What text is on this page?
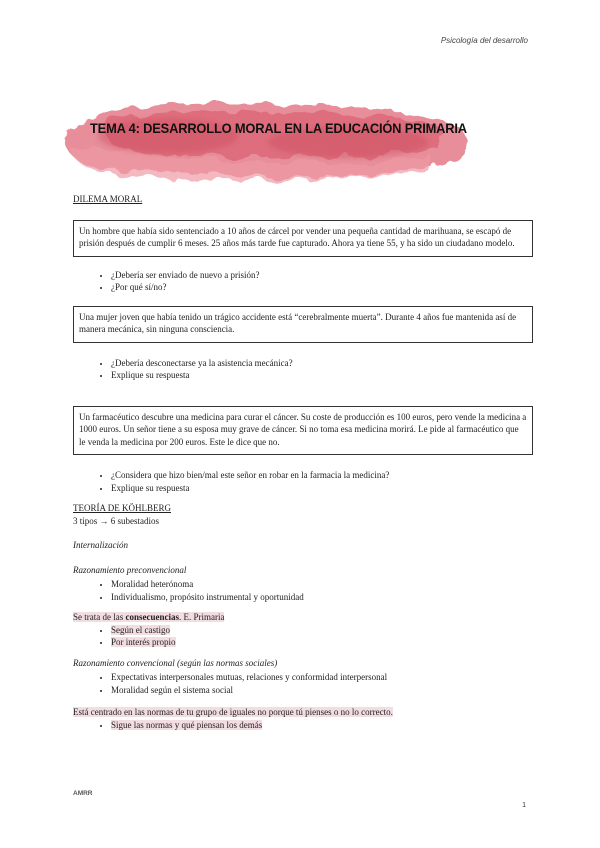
Psicología del desarrollo
TEMA 4: DESARROLLO MORAL EN LA EDUCACIÓN PRIMARIA

DILEMA MORAL

Un hombre que había sido sentenciado a 10 años de cárcel por vender una pequeña cantidad de marihuana, se escapó de prisión después de cumplir 6 meses. 25 años más tarde fue capturado. Ahora ya tiene 55, y ha sido un ciudadano modelo.
• ¿Debería ser enviado de nuevo a prisión?
• ¿Por qué sí/no?
Una mujer joven que había tenido un trágico accidente está “cerebralmente muerta”. Durante 4 años fue mantenida así de manera mecánica, sin ninguna consciencia.
• ¿Debería desconectarse ya la asistencia mecánica?
• Explique su respuesta
Un farmacéutico descubre una medicina para curar el cáncer. Su coste de producción es 100 euros, pero vende la medicina a 1000 euros. Un señor tiene a su esposa muy grave de cáncer. Si no toma esa medicina morirá. Le pide al farmacéutico que le venda la medicina por 200 euros. Este le dice que no.
• ¿Considera que hizo bien/mal este señor en robar en la farmacia la medicina?
• Explique su respuesta

TEORÍA DE KÖHLBERG

3 tipos → 6 subestadios

Internalización

Razonamiento preconvencional

• Moralidad heterónoma
• Individualismo, propósito instrumental y oportunidad

Se trata de las consecuencias. E. Primaria

• Según el castigo
• Por interés propio

Razonamiento convencional (según las normas sociales)

• Expectativas interpersonales mutuas, relaciones y conformidad interpersonal
• Moralidad según el sistema social

Está centrado en las normas de tu grupo de iguales no porque tú pienses o no lo correcto.

• Sigue las normas y qué piensan los demás
AMRR
1
